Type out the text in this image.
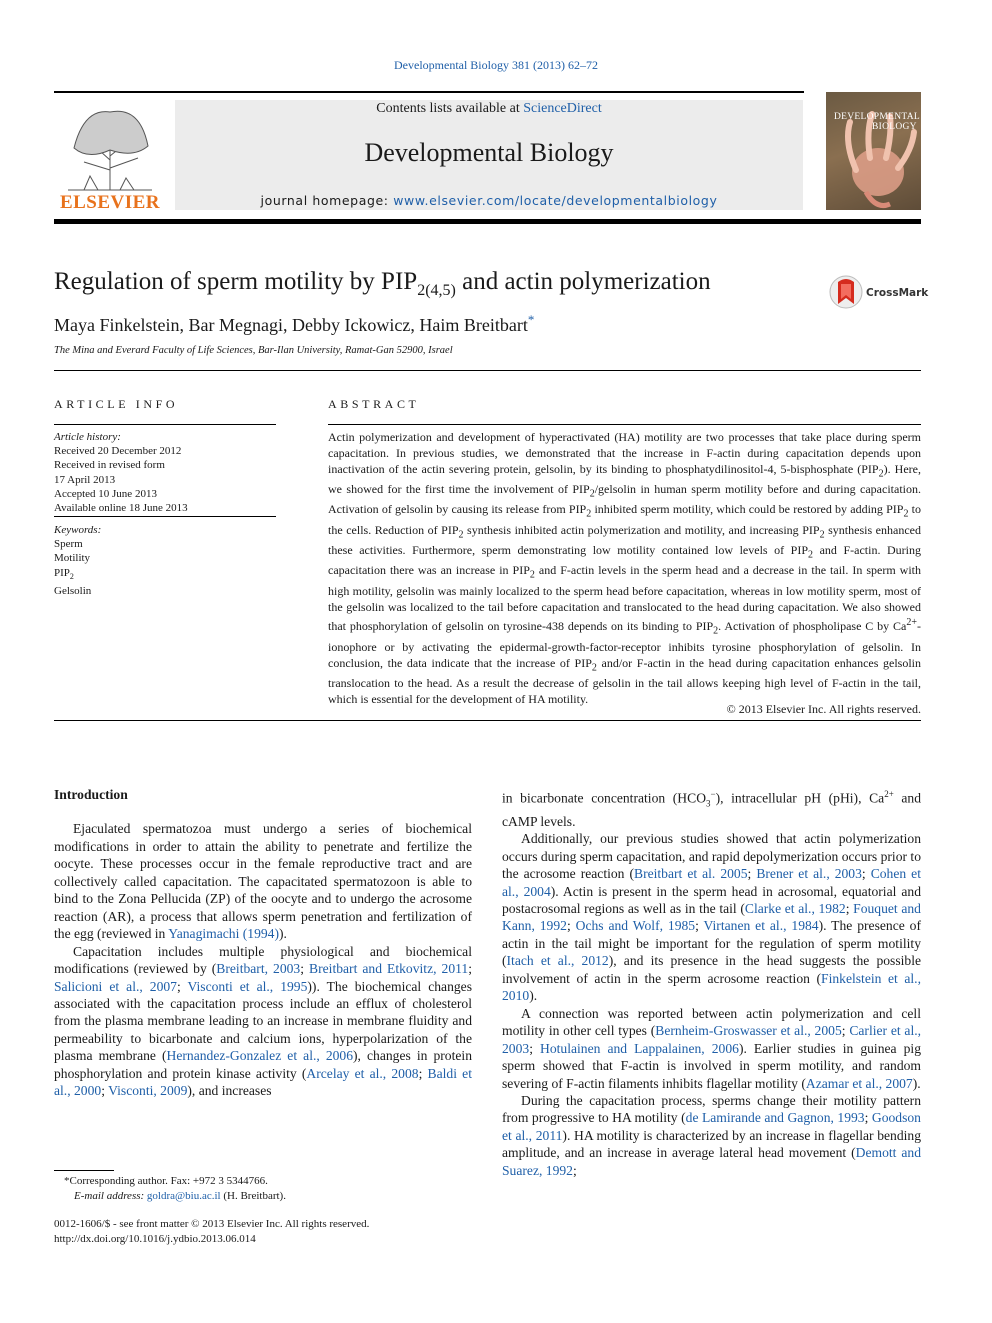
Developmental Biology 381 (2013) 62–72
ELSEVIER
Contents lists available at ScienceDirect
Developmental Biology
journal homepage: www.elsevier.com/locate/developmentalbiology
DEVELOPMENTAL
BIOLOGY
Regulation of sperm motility by $PIP_{2(4,5)}$ and actin polymerization	CrossMark
Maya Finkelstein, Bar Megnagi, Debby Ickowicz, Haim Breitbart*
The Mina and Everard Faculty of Life Sciences, Bar-Ilan University, Ramat-Gan 52900, Israel
ARTICLE INFO	ABSTRACT
Article history:
Received 20 December 2012
Received in revised form
17 April 2013
Accepted 10 June 2013
Available online 18 June 2013
Keywords:
Sperm
Motility
$PIP_2$
Gelsolin
Actin polymerization and development of hyperactivated (HA) motility are two processes that take place during sperm capacitation. In previous studies, we demonstrated that the increase in F-actin during capacitation depends upon inactivation of the actin severing protein, gelsolin, by its binding to phosphatydilinositol-4, 5-bisphosphate $(PIP_2)$. Here, we showed for the first time the involvement of $PIP_2$/gelsolin in human sperm motility before and during capacitation. Activation of gelsolin by causing its release from $PIP_2$ inhibited sperm motility, which could be restored by adding $PIP_2$ to the cells. Reduction of $PIP_2$ synthesis inhibited actin polymerization and motility, and increasing $PIP_2$ synthesis enhanced these activities. Furthermore, sperm demonstrating low motility contained low levels of $PIP_2$ and F-actin. During capacitation there was an increase in $PIP_2$ and F-actin levels in the sperm head and a decrease in the tail. In sperm with high motility, gelsolin was mainly localized to the sperm head before capacitation, whereas in low motility sperm, most of the gelsolin was localized to the tail before capacitation and translocated to the head during capacitation. We also showed that phosphorylation of gelsolin on tyrosine-438 depends on its binding to $PIP_2$. Activation of phospholipase C by $Ca^{2+}$-ionophore or by activating the epidermal-growth-factor-receptor inhibits tyrosine phosphorylation of gelsolin. In conclusion, the data indicate that the increase of $PIP_2$ and/or F-actin in the head during capacitation enhances gelsolin translocation to the head. As a result the decrease of gelsolin in the tail allows keeping high level of F-actin in the tail, which is essential for the development of HA motility.
© 2013 Elsevier Inc. All rights reserved.

Introduction

Ejaculated spermatozoa must undergo a series of biochemical modifications in order to attain the ability to penetrate and fertilize the oocyte. These processes occur in the female reproductive tract and are collectively called capacitation. The capacitated spermatozoon is able to bind to the Zona Pellucida (ZP) of the oocyte and to undergo the acrosome reaction (AR), a process that allows sperm penetration and fertilization of the egg (reviewed in Yanagimachi (1994)).

Capacitation includes multiple physiological and biochemical modifications (reviewed by (Breitbart, 2003; Breitbart and Etkovitz, 2011; Salicioni et al., 2007; Visconti et al., 1995)). The biochemical changes associated with the capacitation process include an efflux of cholesterol from the plasma membrane leading to an increase in membrane fluidity and permeability to bicarbonate and calcium ions, hyperpolarization of the plasma membrane (Hernandez-Gonzalez et al., 2006), changes in protein phosphorylation and protein kinase activity (Arcelay et al., 2008; Baldi et al., 2000; Visconti, 2009), and increases

in bicarbonate concentration $(HCO_3^-)$, intracellular pH (pHi), $Ca^{2+}$ and cAMP levels.

Additionally, our previous studies showed that actin polymerization occurs during sperm capacitation, and rapid depolymerization occurs prior to the acrosome reaction (Breitbart et al. 2005; Brener et al., 2003; Cohen et al., 2004). Actin is present in the sperm head in acrosomal, equatorial and postacrosomal regions as well as in the tail (Clarke et al., 1982; Fouquet and Kann, 1992; Ochs and Wolf, 1985; Virtanen et al., 1984). The presence of actin in the tail might be important for the regulation of sperm motility (Itach et al., 2012), and its presence in the head suggests the possible involvement of actin in the sperm acrosome reaction (Finkelstein et al., 2010).

A connection was reported between actin polymerization and cell motility in other cell types (Bernheim-Groswasser et al., 2005; Carlier et al., 2003; Hotulainen and Lappalainen, 2006). Earlier studies in guinea pig sperm showed that F-actin is involved in sperm motility, and random severing of F-actin filaments inhibits flagellar motility (Azamar et al., 2007).

During the capacitation process, sperms change their motility pattern from progressive to HA motility (de Lamirande and Gagnon, 1993; Goodson et al., 2011). HA motility is characterized by an increase in flagellar bending amplitude, and an increase in average lateral head movement (Demott and Suarez, 1992;

*Corresponding author. Fax: +972 3 5344766.
E-mail address: goldra@biu.ac.il (H. Breitbart).
0012-1606/$ - see front matter © 2013 Elsevier Inc. All rights reserved.
http://dx.doi.org/10.1016/j.ydbio.2013.06.014
